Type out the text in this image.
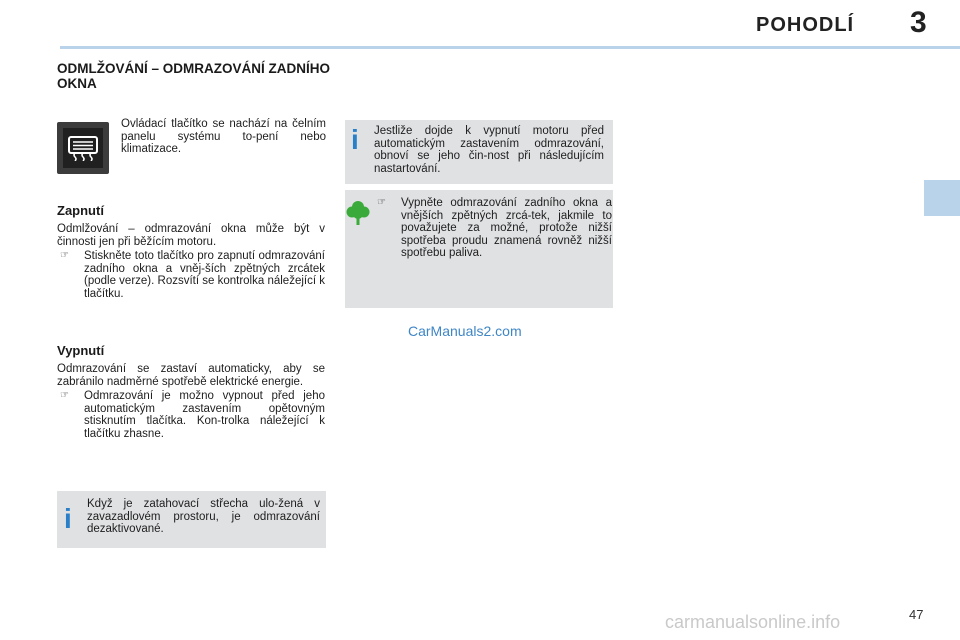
POHODLÍ 3
ODMLŽOVÁNÍ – ODMRAZOVÁNÍ ZADNÍHO OKNA
Ovládací tlačítko se nachází na čelním panelu systému to-pení nebo klimatizace.
Zapnutí
Odmlžování – odmrazování okna může být v činnosti jen při běžícím motoru.
☞	Stiskněte toto tlačítko pro zapnutí odmrazování zadního okna a vněj-ších zpětných zrcátek (podle verze). Rozsvítí se kontrolka náležející k tlačítku.
Vypnutí
Odmrazování se zastaví automaticky, aby se zabránilo nadměrné spotřebě elektrické energie.
☞	Odmrazování je možno vypnout před jeho automatickým zastavením opětovným stisknutím tlačítka. Kon-trolka náležející k tlačítku zhasne.
i Když je zatahovací střecha ulo-žená v zavazadlovém prostoru, je odmrazování dezaktivované.
i Jestliže dojde k vypnutí motoru před automatickým zastavením odmrazování, obnoví se jeho čin-nost při následujícím nastartování.
☞	Vypněte odmrazování zadního okna a vnějších zpětných zrcá-tek, jakmile to považujete za možné, protože nižší spotřeba proudu znamená rovněž nižší spotřebu paliva.
CarManuals2.com
carmanualsonline.info	47
